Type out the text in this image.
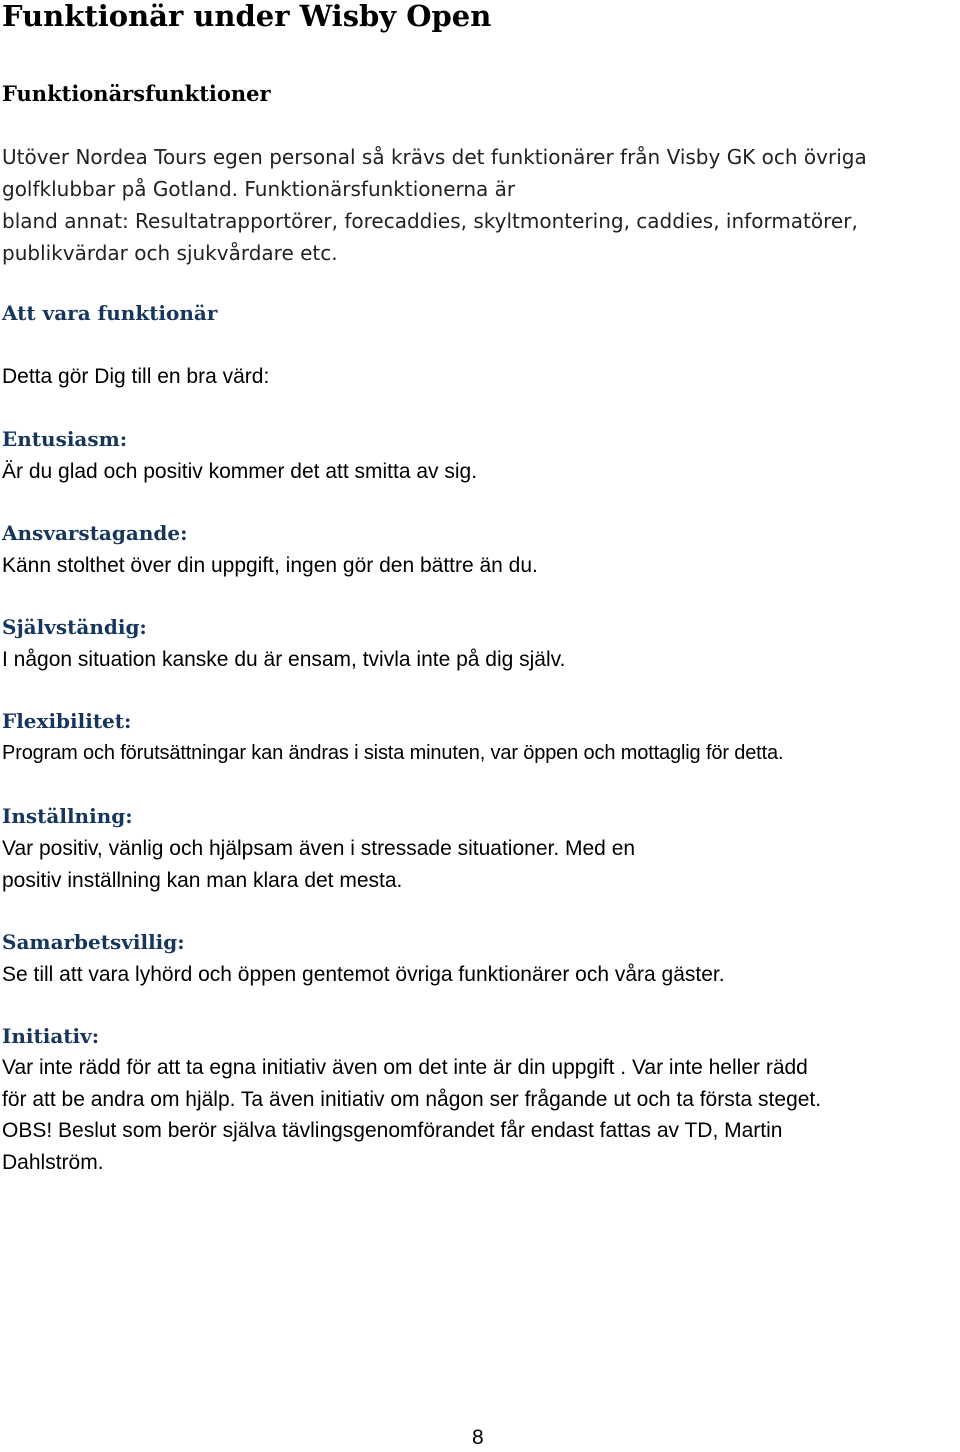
Funktionär under Wisby Open
Funktionärsfunktioner
Utöver Nordea Tours egen personal så krävs det funktionärer från Visby GK och övriga
golfklubbar på Gotland. Funktionärsfunktionerna är
bland annat: Resultatrapportörer, forecaddies, skyltmontering, caddies, informatörer,
publikvärdar och sjukvårdare etc.
Att vara funktionär

Detta gör Dig till en bra värd:

Entusiasm:

Är du glad och positiv kommer det att smitta av sig.

Ansvarstagande:

Känn stolthet över din uppgift, ingen gör den bättre än du.

Självständig:

I någon situation kanske du är ensam, tvivla inte på dig själv.

Flexibilitet:

Program och förutsättningar kan ändras i sista minuten, var öppen och mottaglig för detta.

Inställning:

Var positiv, vänlig och hjälpsam även i stressade situationer. Med en
positiv inställning kan man klara det mesta.

Samarbetsvillig:

Se till att vara lyhörd och öppen gentemot övriga funktionärer och våra gäster.

Initiativ:

Var inte rädd för att ta egna initiativ även om det inte är din uppgift . Var inte heller rädd
för att be andra om hjälp. Ta även initiativ om någon ser frågande ut och ta första steget.
OBS! Beslut som berör själva tävlingsgenomförandet får endast fattas av TD, Martin
Dahlström.

8
